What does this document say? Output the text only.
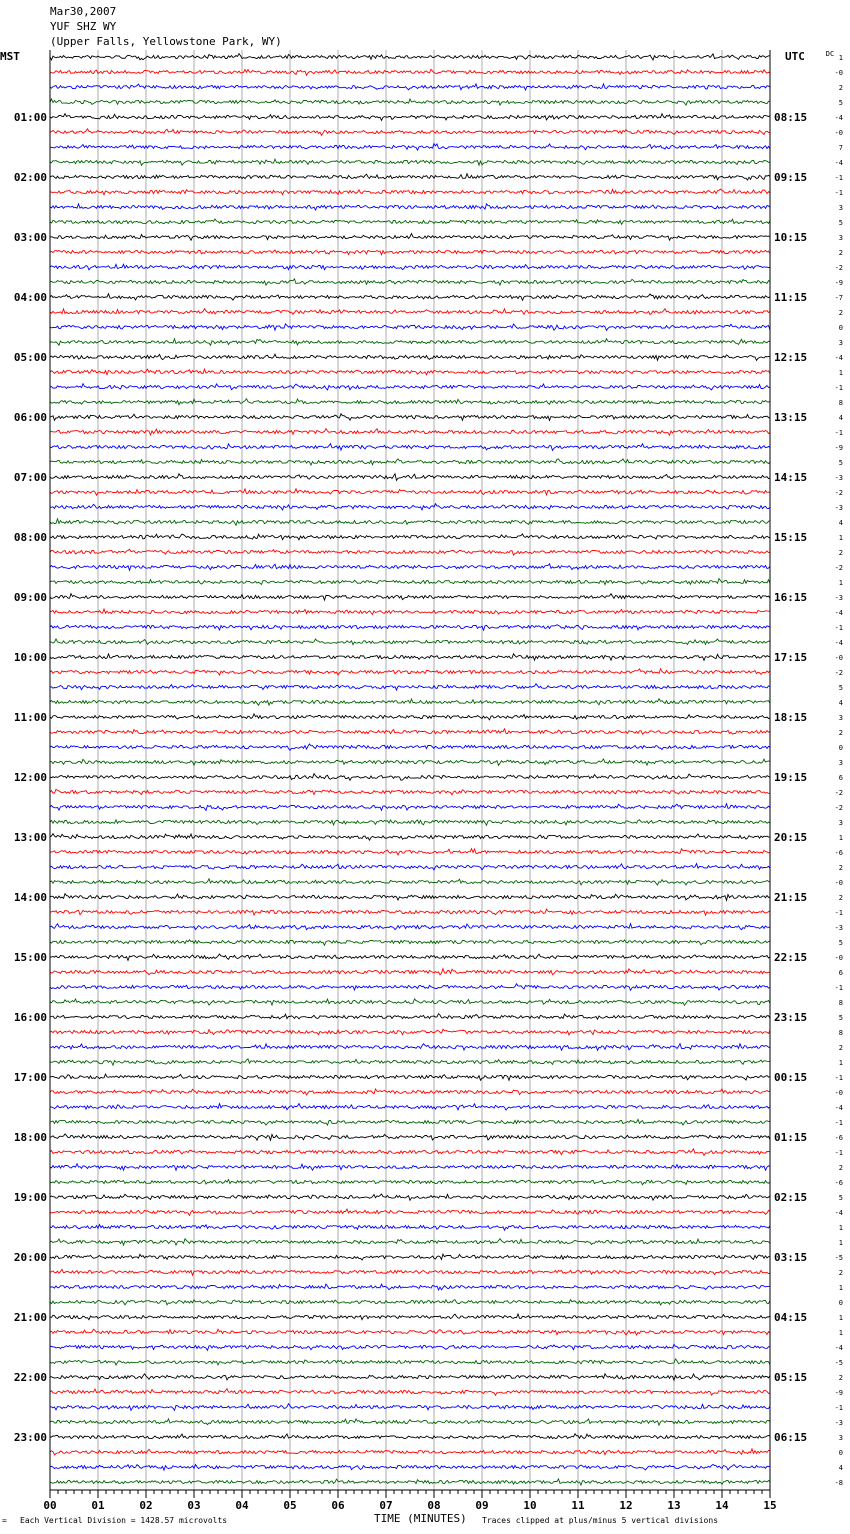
Mar30,2007
YUF SHZ WY
(Upper Falls, Yellowstone Park, WY)
MST	UTC	1
-0
2
5
-4
-0
7
-4
-1
-1
3
5
3
2
-2
-9
-7
2
0
3
-4
1
-1
8
4
-1
-9
5
-3
-2
-3
4
1
2
-2
1
-3
-4
-1
-4
-0
-2
5
4
3
2
0
3
6
-2
-2
3
1
-6
2
-0
2
-1
-3
5
-0
6
-1
8
5
8
2
1
-1
-0
-4
-1
-6
-1
2
-6
5
-4
1
1
-5
2
1
0
1
1
-4
-5
2
-9
-1
-3
3
0
4
-8
01:00
02:00
03:00
04:00
05:00
06:00
07:00
08:00
09:00
10:00
11:00
12:00
13:00
14:00
15:00
16:00
17:00
18:00
19:00
20:00
21:00
22:00
23:00
08:15
09:15
10:15
11:15
12:15
13:15
14:15
15:15
16:15
17:15
18:15
19:15
20:15
21:15
22:15
23:15
00:15
01:15
02:15
03:15
04:15
05:15
06:15
DC
00	01	02	03	04	05	06	07	08	09	10	11	12	13	14	15
= Each Vertical Division = 1428.57 microvolts	TIME (MINUTES) Traces clipped at plus/minus 5 vertical divisions
